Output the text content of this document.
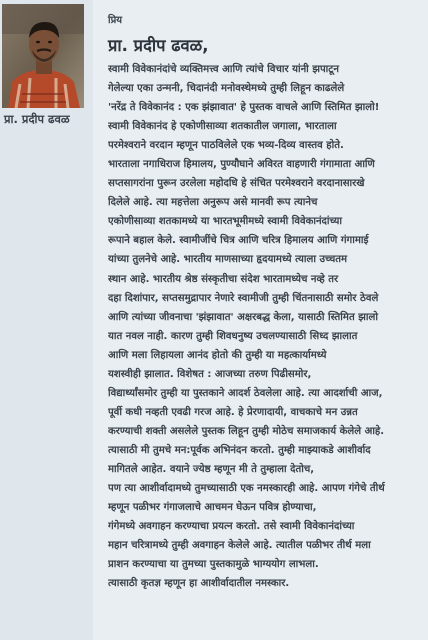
प्रा. प्रदीप ढवळ
प्रिय
प्रा. प्रदीप ढवळ,
स्वामी विवेकानंदांचे व्यक्तिमत्त्व आणि त्यांचे विचार यांनी झपाटून
गेलेल्या एका उन्मनी, चिदानंदी मनोवस्थेमध्ये तुम्ही लिहून काढलेले
'नरेंद्र ते विवेकानंद : एक झंझावात' हे पुस्तक वाचले आणि स्तिमित झालो!
स्वामी विवेकानंद हे एकोणीसाव्या शतकातील जगाला, भारताला
परमेश्वराने वरदान म्हणून पाठविलेले एक भव्य-दिव्य वास्तव होते.
भारताला नगाधिराज हिमालय, पुण्यौघाने अविरत वाहणारी गंगामाता आणि
सप्तसागरांना पुरून उरलेला महोदधि हे संचित परमेश्वराने वरदानासारखे
दिलेले आहे. त्या महत्तेला अनुरूप असे मानवी रूप त्यानेच
एकोणीसाव्या शतकामध्ये या भारतभूमीमध्ये स्वामी विवेकानंदांच्या
रूपाने बहाल केले. स्वामीजींचे चित्र आणि चरित्र हिमालय आणि गंगामाई
यांच्या तुलनेचे आहे. भारतीय माणसाच्या हृदयामध्ये त्याला उच्चतम
स्थान आहे. भारतीय श्रेष्ठ संस्कृतीचा संदेश भारतामध्येच नव्हे तर
दहा दिशांपार, सप्तसमुद्रापार नेणारे स्वामीजी तुम्ही चिंतनासाठी समोर ठेवले
आणि त्यांच्या जीवनाचा 'झंझावात' अक्षरबद्ध केला, यासाठी स्तिमित झालो
यात नवल नाही. कारण तुम्ही शिवधनुष्य उचलण्यासाठी सिध्द झालात
आणि मला लिहायला आनंद होतो की तुम्ही या महत्कार्यामध्ये
यशस्वीही झालात. विशेषत : आजच्या तरुण पिढीसमोर,
विद्यार्थ्यांसमोर तुम्ही या पुस्तकाने आदर्श ठेवलेला आहे. त्या आदर्शाची आज,
पूर्वी कधी नव्हती एवढी गरज आहे. हे प्रेरणादायी, वाचकाचे मन उन्नत
करण्याची शक्ती असलेले पुस्तक लिहून तुम्ही मोठेच समाजकार्य केलेले आहे.
त्यासाठी मी तुमचे मन:पूर्वक अभिनंदन करतो. तुम्ही माझ्याकडे आशीर्वाद
मागितले आहेत. वयाने ज्येष्ठ म्हणून मी ते तुम्हाला देतोच,
पण त्या आशीर्वादामध्ये तुमच्यासाठी एक नमस्कारही आहे. आपण गंगेचे तीर्थ
म्हणून पळीभर गंगाजलाचे आचमन घेऊन पवित्र होण्याचा,
गंगेमध्ये अवगाहन करण्याचा प्रयत्न करतो. तसे स्वामी विवेकानंदांच्या
महान चरित्रामध्ये तुम्ही अवगाहन केलेले आहे. त्यातील पळीभर तीर्थ मला
प्राशन करण्याचा या तुमच्या पुस्तकामुळे भाग्ययोग लाभला.
त्यासाठी कृतज्ञ म्हणून हा आशीर्वादातील नमस्कार.
